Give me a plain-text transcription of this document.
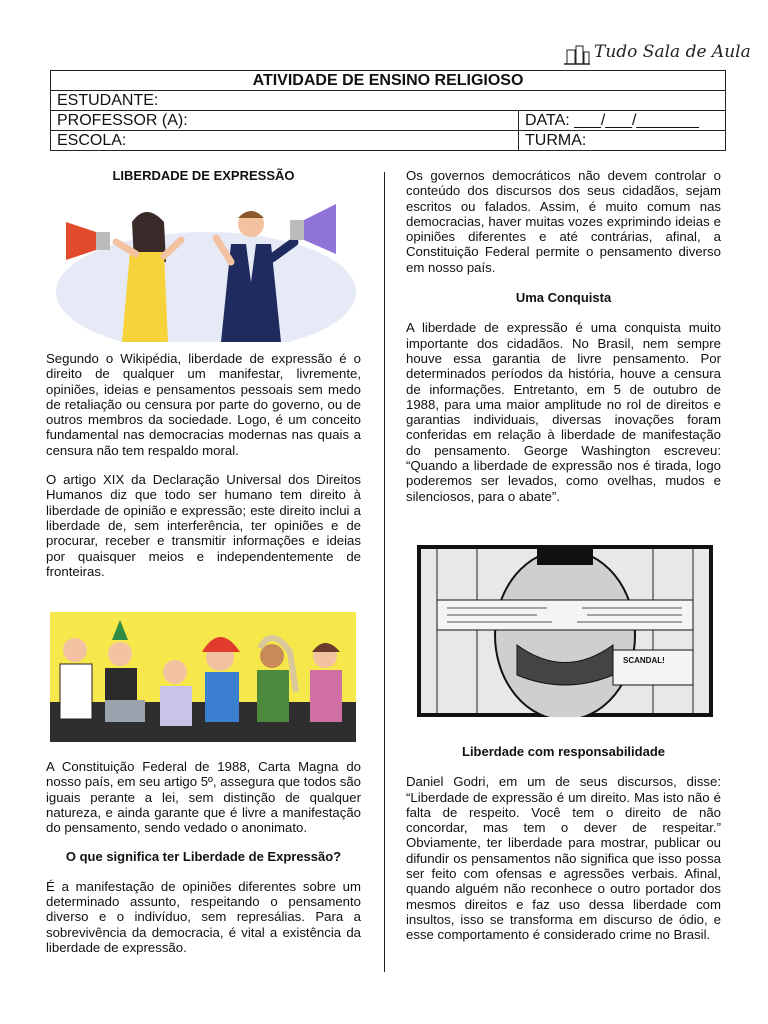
Tudo Sala de Aula
ATIVIDADE DE ENSINO RELIGIOSO	
ESTUDANTE:	
PROFESSOR (A):	DATA: ___/___/_______
ESCOLA:	TURMA:

LIBERDADE DE EXPRESSÃO

Segundo o Wikipédia, liberdade de expressão é o direito de qualquer um manifestar, livremente, opiniões, ideias e pensamentos pessoais sem medo de retaliação ou censura por parte do governo, ou de outros membros da sociedade. Logo, é um conceito fundamental nas democracias modernas nas quais a censura não tem respaldo moral.

O artigo XIX da Declaração Universal dos Direitos Humanos diz que todo ser humano tem direito à liberdade de opinião e expressão; este direito inclui a liberdade de, sem interferência, ter opiniões e de procurar, receber e transmitir informações e ideias por quaisquer meios e independentemente de fronteiras.

A Constituição Federal de 1988, Carta Magna do nosso país, em seu artigo 5º, assegura que todos são iguais perante a lei, sem distinção de qualquer natureza, e ainda garante que é livre a manifestação do pensamento, sendo vedado o anonimato.

O que significa ter Liberdade de Expressão?

É a manifestação de opiniões diferentes sobre um determinado assunto, respeitando o pensamento diverso e o indivíduo, sem represálias. Para a sobrevivência da democracia, é vital a existência da liberdade de expressão.

Os governos democráticos não devem controlar o conteúdo dos discursos dos seus cidadãos, sejam escritos ou falados. Assim, é muito comum nas democracias, haver muitas vozes exprimindo ideias e opiniões diferentes e até contrárias, afinal, a Constituição Federal permite o pensamento diverso em nosso país.

Uma Conquista

A liberdade de expressão é uma conquista muito importante dos cidadãos. No Brasil, nem sempre houve essa garantia de livre pensamento. Por determinados períodos da história, houve a censura de informações. Entretanto, em 5 de outubro de 1988, para uma maior amplitude no rol de direitos e garantias individuais, diversas inovações foram conferidas em relação à liberdade de manifestação do pensamento. George Washington escreveu: “Quando a liberdade de expressão nos é tirada, logo poderemos ser levados, como ovelhas, mudos e silenciosos, para o abate”.

SCANDAL!

Liberdade com responsabilidade

Daniel Godri, em um de seus discursos, disse: “Liberdade de expressão é um direito. Mas isto não é falta de respeito. Você tem o direito de não concordar, mas tem o dever de respeitar.” Obviamente, ter liberdade para mostrar, publicar ou difundir os pensamentos não significa que isso possa ser feito com ofensas e agressões verbais. Afinal, quando alguém não reconhece o outro portador dos mesmos direitos e faz uso dessa liberdade com insultos, isso se transforma em discurso de ódio, e esse comportamento é considerado crime no Brasil.
